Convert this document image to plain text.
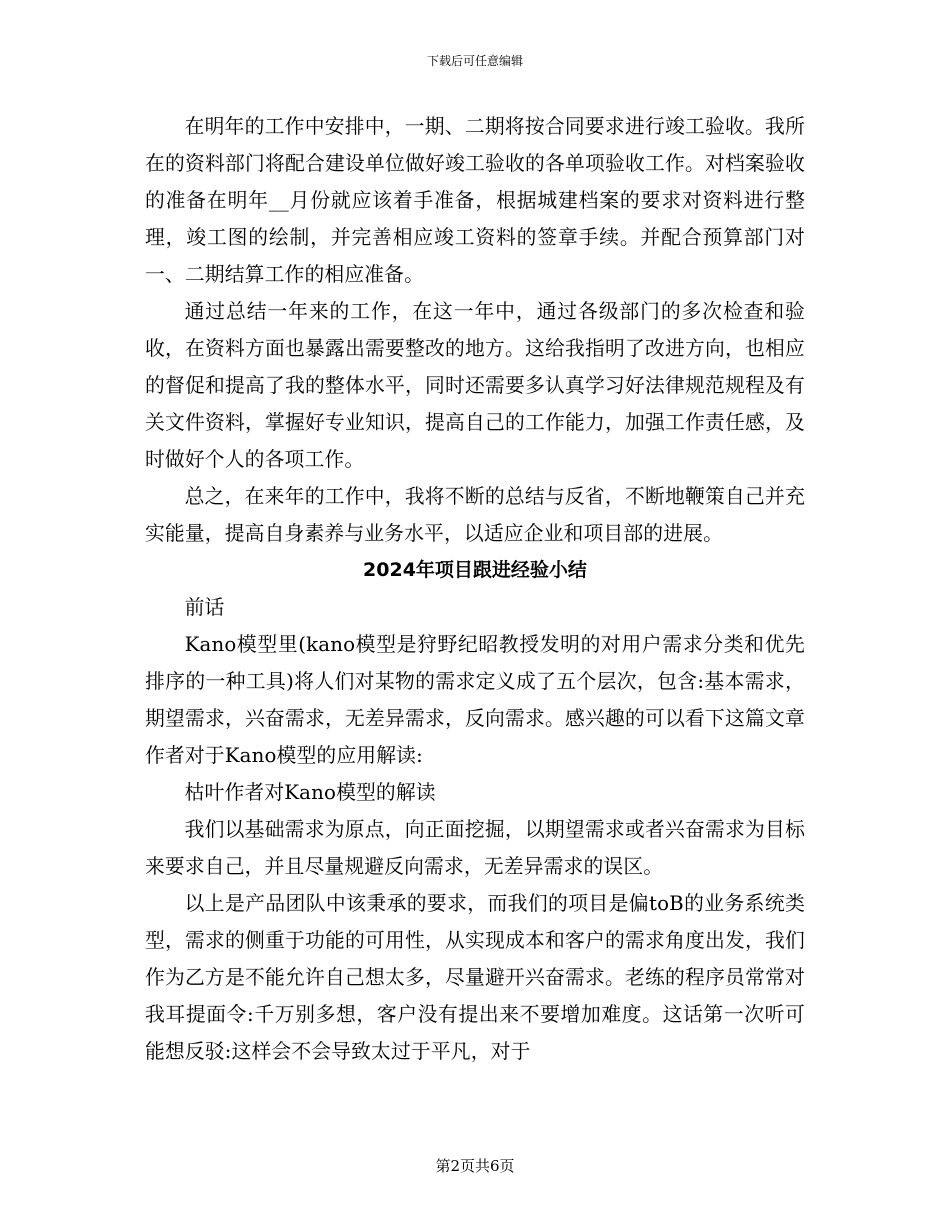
下载后可任意编辑

在明年的工作中安排中，一期、二期将按合同要求进行竣工验收。我所在的资料部门将配合建设单位做好竣工验收的各单项验收工作。对档案验收的准备在明年__月份就应该着手准备，根据城建档案的要求对资料进行整理，竣工图的绘制，并完善相应竣工资料的签章手续。并配合预算部门对一、二期结算工作的相应准备。

通过总结一年来的工作，在这一年中，通过各级部门的多次检查和验收，在资料方面也暴露出需要整改的地方。这给我指明了改进方向，也相应的督促和提高了我的整体水平，同时还需要多认真学习好法律规范规程及有关文件资料，掌握好专业知识，提高自己的工作能力，加强工作责任感，及时做好个人的各项工作。

总之，在来年的工作中，我将不断的总结与反省，不断地鞭策自己并充实能量，提高自身素养与业务水平，以适应企业和项目部的进展。

2024年项目跟进经验小结

前话

Kano模型里(kano模型是狩野纪昭教授发明的对用户需求分类和优先排序的一种工具)将人们对某物的需求定义成了五个层次，包含:基本需求，期望需求，兴奋需求，无差异需求，反向需求。感兴趣的可以看下这篇文章作者对于Kano模型的应用解读:

枯叶作者对Kano模型的解读

我们以基础需求为原点，向正面挖掘，以期望需求或者兴奋需求为目标来要求自己，并且尽量规避反向需求，无差异需求的误区。

以上是产品团队中该秉承的要求，而我们的项目是偏toB的业务系统类型，需求的侧重于功能的可用性，从实现成本和客户的需求角度出发，我们作为乙方是不能允许自己想太多，尽量避开兴奋需求。老练的程序员常常对我耳提面令:千万别多想，客户没有提出来不要增加难度。这话第一次听可能想反驳:这样会不会导致太过于平凡，对于

第2页共6页
